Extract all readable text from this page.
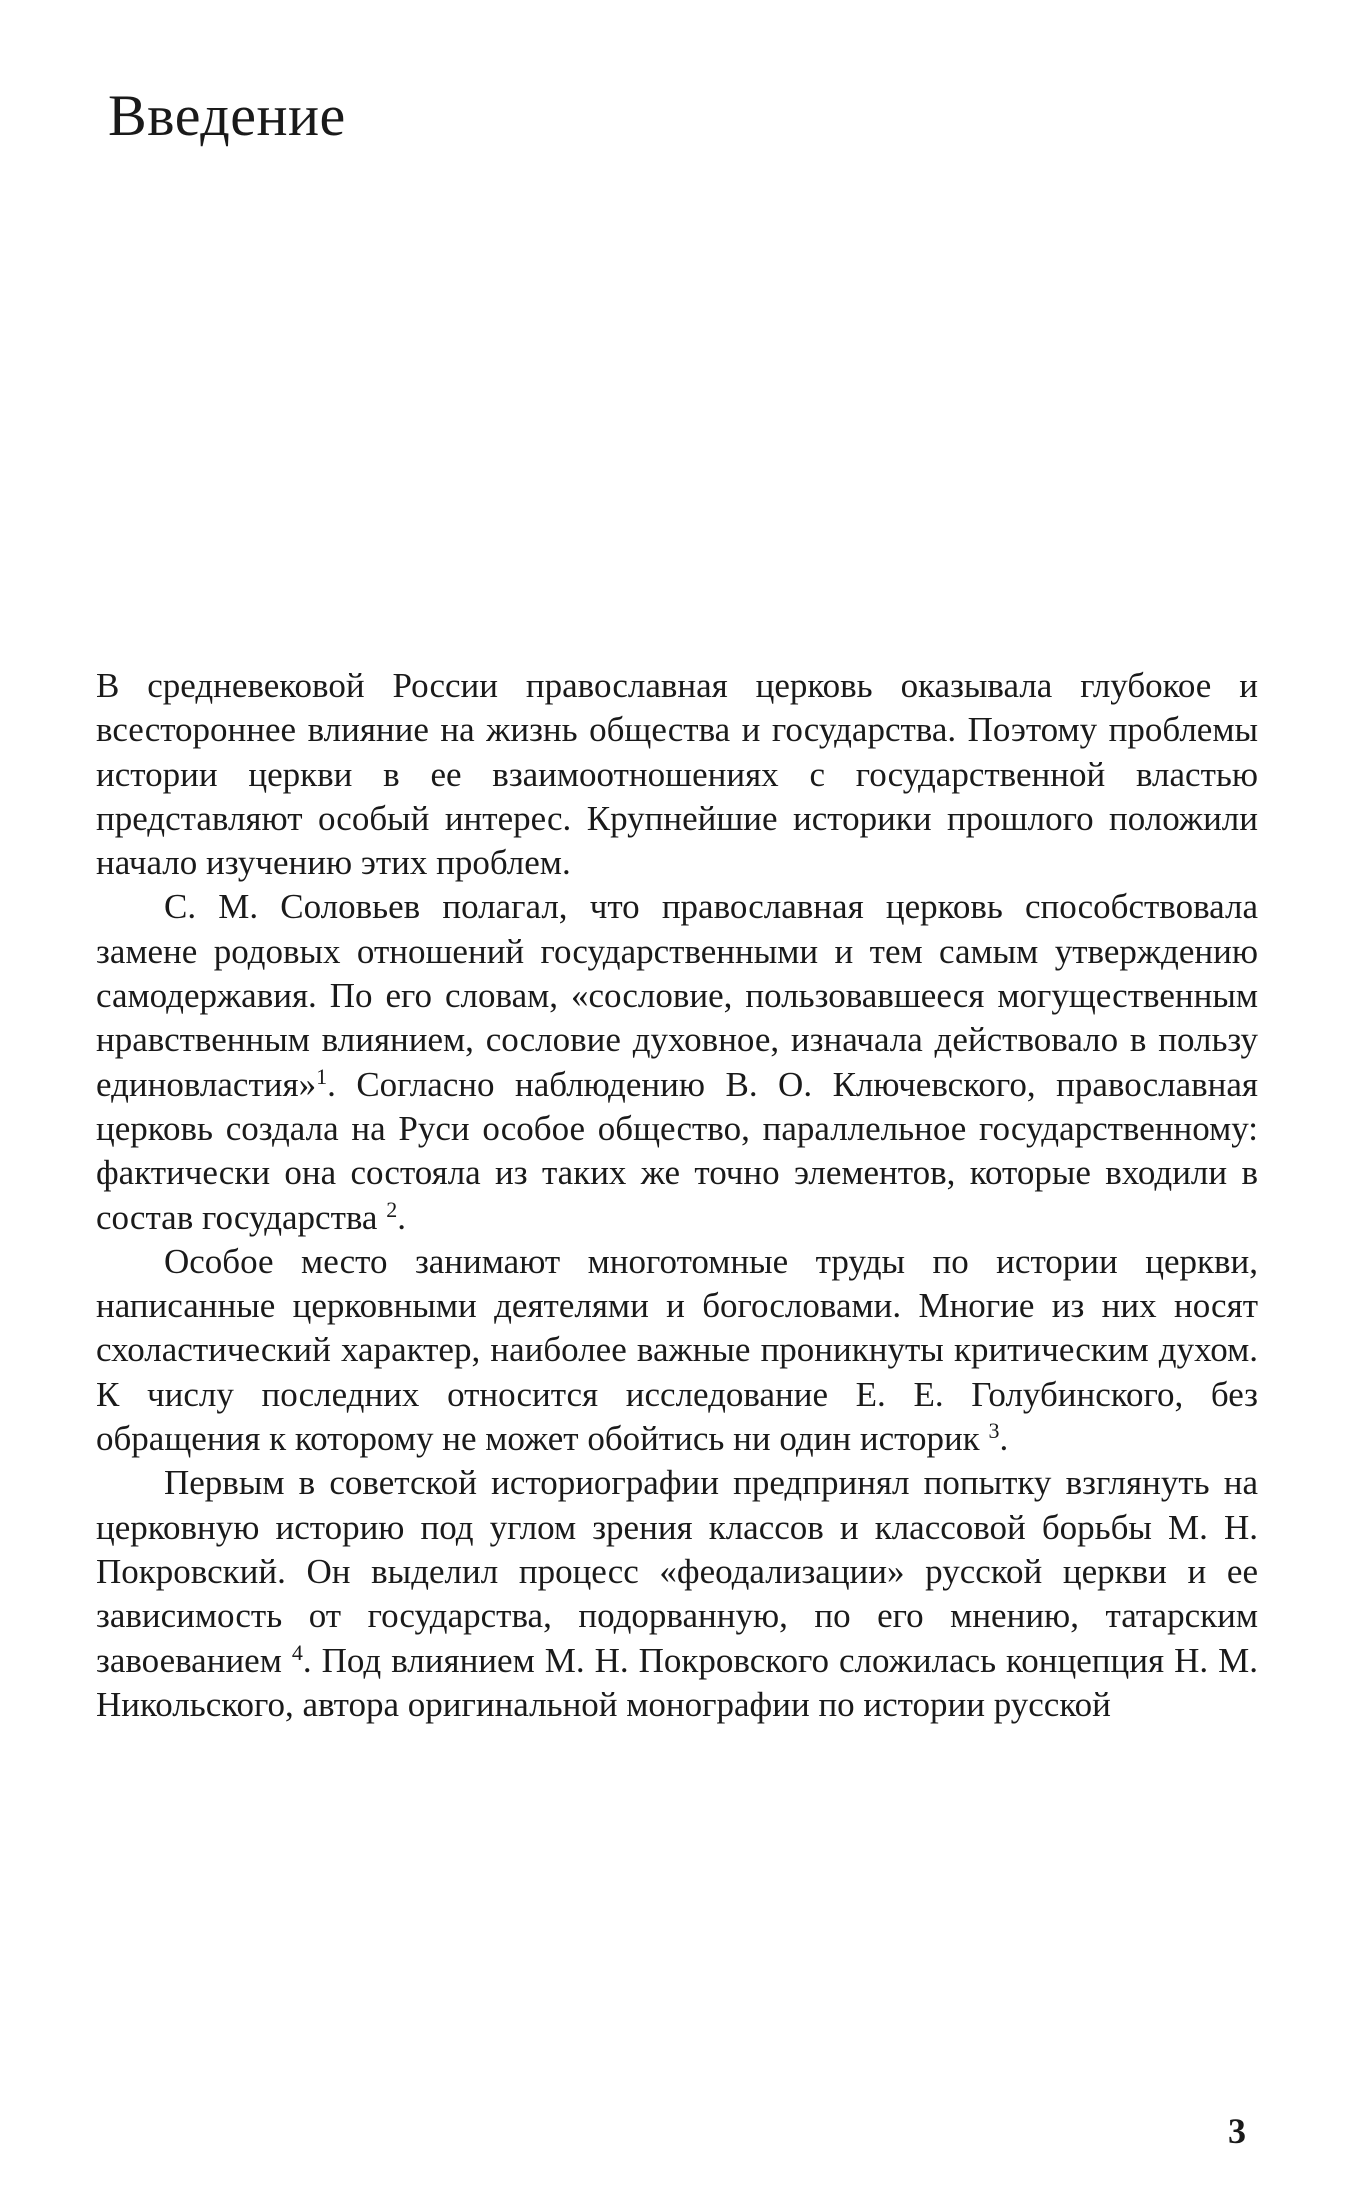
Введение

В средневековой России православная церковь оказывала глубокое и всестороннее влияние на жизнь общества и государства. Поэтому проблемы истории церкви в ее взаимоотношениях с государственной властью представляют особый интерес. Крупнейшие историки прошлого положили начало изучению этих проблем.

С. М. Соловьев полагал, что православная церковь способствовала замене родовых отношений государственными и тем самым утверждению самодержавия. По его словам, «сословие, пользовавшееся могущественным нравственным влиянием, сословие духовное, изначала действовало в пользу единовластия»$^1$. Согласно наблюдению В. О. Ключевского, православная церковь создала на Руси особое общество, параллельное государственному: фактически она состояла из таких же точно элементов, которые входили в состав государства $^2$.

Особое место занимают многотомные труды по истории церкви, написанные церковными деятелями и богословами. Многие из них носят схоластический характер, наиболее важные проникнуты критическим духом. К числу последних относится исследование Е. Е. Голубинского, без обращения к которому не может обойтись ни один историк $^3$.

Первым в советской историографии предпринял попытку взглянуть на церковную историю под углом зрения классов и классовой борьбы М. Н. Покровский. Он выделил процесс «феодализации» русской церкви и ее зависимость от государства, подорванную, по его мнению, татарским завоеванием $^4$. Под влиянием М. Н. Покровского сложилась концепция Н. М. Никольского, автора оригинальной монографии по истории русской

3
